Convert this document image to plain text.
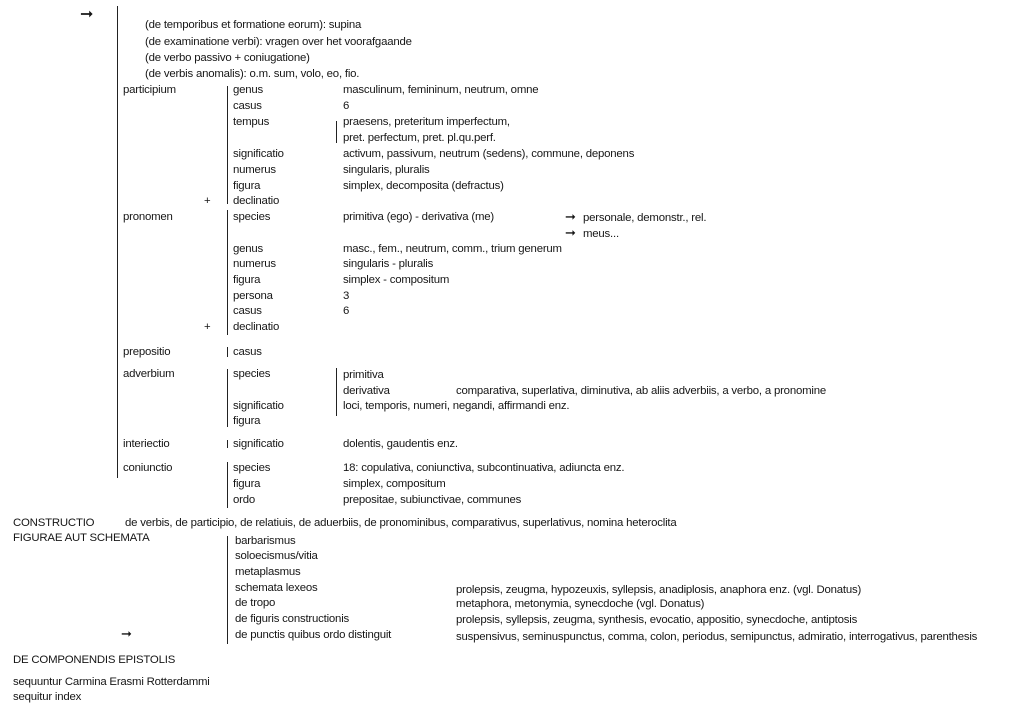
➞
➞
➞
➞
(de temporibus et formatione eorum): supina
(de examinatione verbi): vragen over het voorafgaande
(de verbo passivo + coniugatione)
(de verbis anomalis): o.m. sum, volo, eo, fio.
participium	genus	masculinum, femininum, neutrum, omne
casus	6
tempus	praesens, preteritum imperfectum,
pret. perfectum, pret. pl.qu.perf.
significatio	activum, passivum, neutrum (sedens), commune, deponens
numerus	singularis, pluralis
figura	simplex, decomposita (defractus)
+ declinatio
pronomen	species	primitiva (ego) - derivativa (me)	personale, demonstr., rel.
meus...
genus	masc., fem., neutrum, comm., trium generum
numerus	singularis - pluralis
figura	simplex - compositum
persona	3
casus	6
+ declinatio
prepositio	casus
adverbium	species	primitiva
derivativa	comparativa, superlativa, diminutiva, ab aliis adverbiis, a verbo, a pronomine
significatio	loci, temporis, numeri, negandi, affirmandi enz.
figura
interiectio	significatio	dolentis, gaudentis enz.
coniunctio	species	18: copulativa, coniunctiva, subcontinuativa, adiuncta enz.
figura	simplex, compositum
ordo	prepositae, subiunctivae, communes
CONSTRUCTIO	de verbis, de participio, de relatiuis, de aduerbiis, de pronominibus, comparativus, superlativus, nomina heteroclita
FIGURAE AUT SCHEMATA	barbarismus
soloecismus/vitia
metaplasmus
schemata lexeos	prolepsis, zeugma, hypozeuxis, syllepsis, anadiplosis, anaphora enz. (vgl. Donatus)
de tropo	metaphora, metonymia, synecdoche (vgl. Donatus)
de figuris constructionis	prolepsis, syllepsis, zeugma, synthesis, evocatio, appositio, synecdoche, antiptosis
de punctis quibus ordo distinguit	suspensivus, seminuspunctus, comma, colon, periodus, semipunctus, admiratio, interrogativus, parenthesis
DE COMPONENDIS EPISTOLIS
sequuntur Carmina Erasmi Rotterdammi
sequitur index
